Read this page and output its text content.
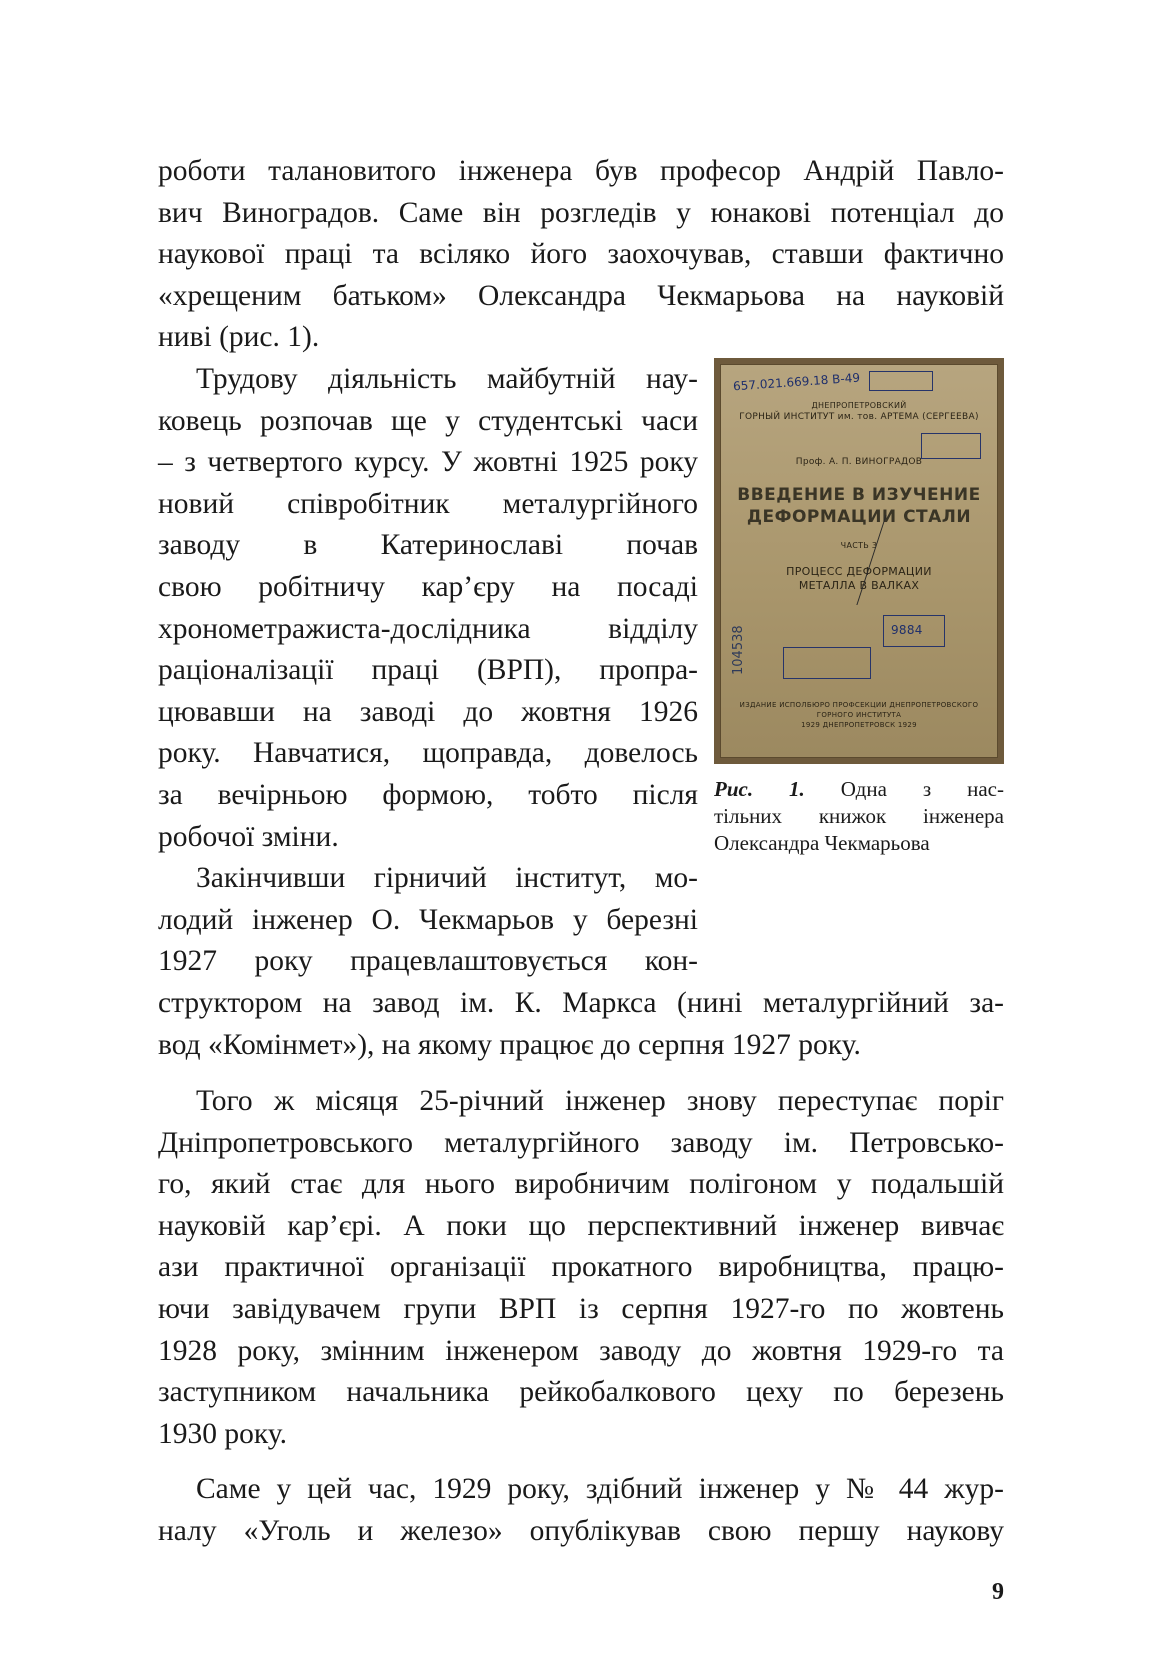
роботи талановитого інженера був професор Андрій Павло-
вич Виноградов. Саме він розгледів у юнакові потенціал до
наукової праці та всіляко його заохочував, ставши фактично
«хрещеним батьком» Олександра Чекмарьова на науковій
ниві (рис. 1).
Трудову діяльність майбутній нау-
ковець розпочав ще у студентські часи
– з четвертого курсу. У жовтні 1925 року
новий співробітник металургійного
заводу в Катеринославі почав
свою робітничу кар’єру на посаді
хронометражиста-дослідника відділу
раціоналізації праці (ВРП), пропра-
цювавши на заводі до жовтня 1926
року. Навчатися, щоправда, довелось
за вечірньою формою, тобто після
робочої зміни.
Закінчивши гірничий інститут, мо-
лодий інженер О. Чекмарьов у березні
1927 року працевлаштовується кон-
структором на завод ім. К. Маркса (нині металургійний за-
вод «Комінмет»), на якому працює до серпня 1927 року.
Того ж місяця 25-річний інженер знову переступає поріг
Дніпропетровського металургійного заводу ім. Петровсько-
го, який стає для нього виробничим полігоном у подальшій
науковій кар’єрі. А поки що перспективний інженер вивчає
ази практичної організації прокатного виробництва, працю-
ючи завідувачем групи ВРП із серпня 1927-го по жовтень
1928 року, змінним інженером заводу до жовтня 1929-го та
заступником начальника рейкобалкового цеху по березень
1930 року.
Саме у цей час, 1929 року, здібний інженер у № 44 жур-
налу «Уголь и железо» опублікував свою першу наукову
657.021.669.18 В-49
104538
ДНЕПРОПЕТРОВСКИЙ
ГОРНЫЙ ИНСТИТУТ им. тов. АРТЕМА (СЕРГЕЕВА)
Проф. А. П. ВИНОГРАДОВ
ВВЕДЕНИЕ В ИЗУЧЕНИЕ
ДЕФОРМАЦИИ СТАЛИ
ЧАСТЬ 3
ПРОЦЕСС ДЕФОРМАЦИИ
МЕТАЛЛА В ВАЛКАХ
9884
ИЗДАНИЕ ИСПОЛБЮРО ПРОФСЕКЦИИ ДНЕПРОПЕТРОВСКОГО
ГОРНОГО ИНСТИТУТА
1929 ДНЕПРОПЕТРОВСК 1929
Рис. 1. Одна з нас-
тільних книжок інженера
Олександра Чекмарьова
9
